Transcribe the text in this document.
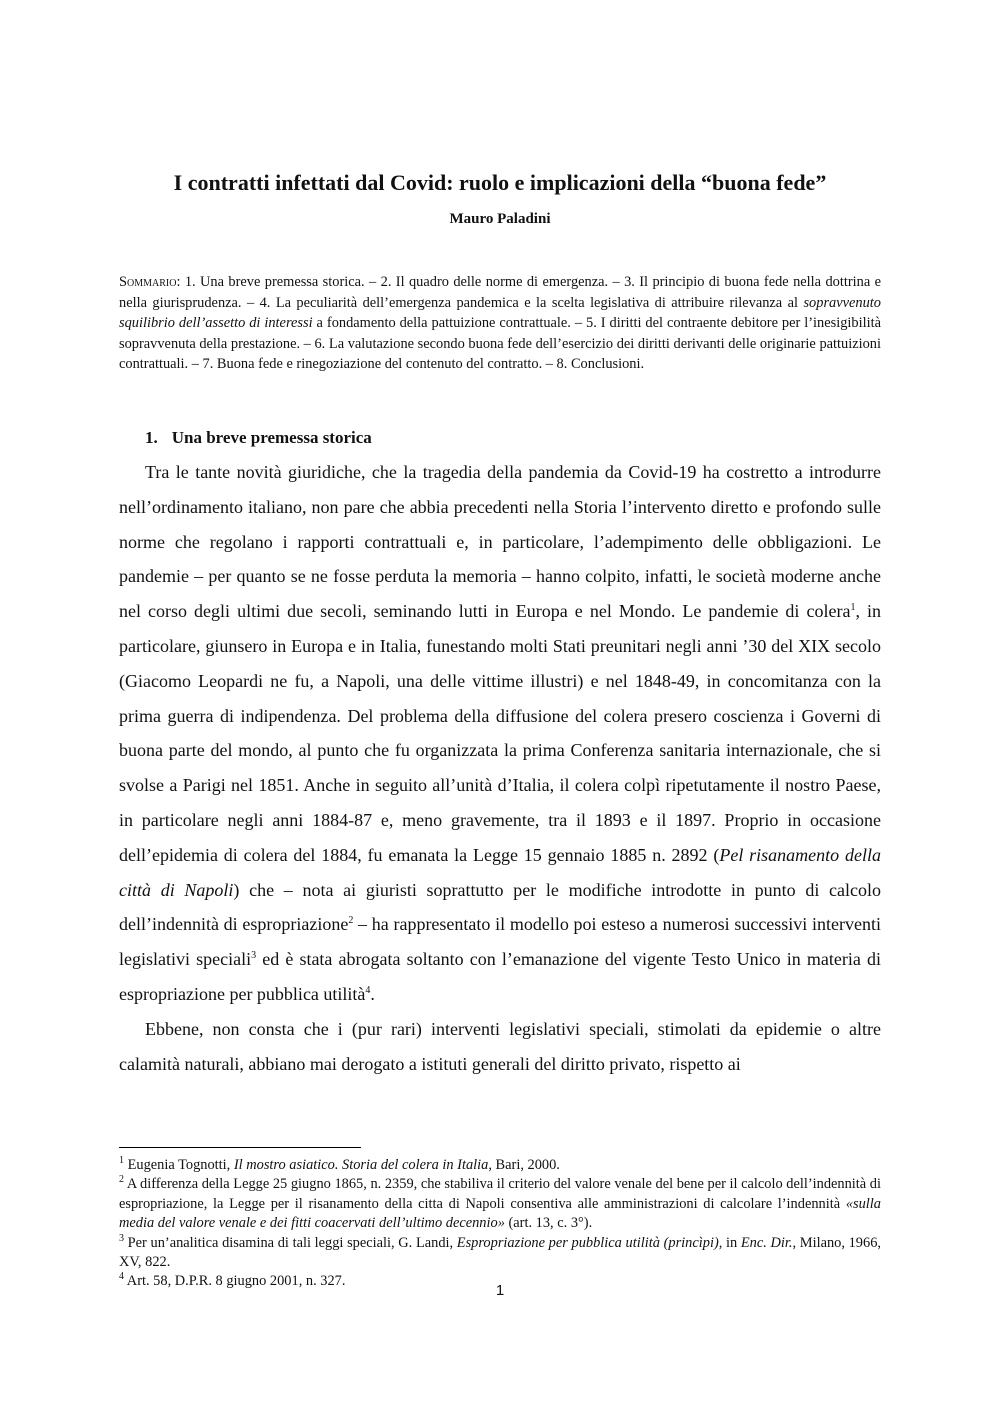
I contratti infettati dal Covid: ruolo e implicazioni della “buona fede”
Mauro Paladini
Sommario: 1. Una breve premessa storica. – 2. Il quadro delle norme di emergenza. – 3. Il principio di buona fede nella dottrina e nella giurisprudenza. – 4. La peculiarità dell’emergenza pandemica e la scelta legislativa di attribuire rilevanza al sopravvenuto squilibrio dell’assetto di interessi a fondamento della pattuizione contrattuale. – 5. I diritti del contraente debitore per l’inesigibilità sopravvenuta della prestazione. – 6. La valutazione secondo buona fede dell’esercizio dei diritti derivanti delle originarie pattuizioni contrattuali. – 7. Buona fede e rinegoziazione del contenuto del contratto. – 8. Conclusioni.
1. Una breve premessa storica

Tra le tante novità giuridiche, che la tragedia della pandemia da Covid-19 ha costretto a introdurre nell’ordinamento italiano, non pare che abbia precedenti nella Storia l’intervento diretto e profondo sulle norme che regolano i rapporti contrattuali e, in particolare, l’adempimento delle obbligazioni. Le pandemie – per quanto se ne fosse perduta la memoria – hanno colpito, infatti, le società moderne anche nel corso degli ultimi due secoli, seminando lutti in Europa e nel Mondo. Le pandemie di colera$^1$, in particolare, giunsero in Europa e in Italia, funestando molti Stati preunitari negli anni ’30 del XIX secolo (Giacomo Leopardi ne fu, a Napoli, una delle vittime illustri) e nel 1848-49, in concomitanza con la prima guerra di indipendenza. Del problema della diffusione del colera presero coscienza i Governi di buona parte del mondo, al punto che fu organizzata la prima Conferenza sanitaria internazionale, che si svolse a Parigi nel 1851. Anche in seguito all’unità d’Italia, il colera colpì ripetutamente il nostro Paese, in particolare negli anni 1884-87 e, meno gravemente, tra il 1893 e il 1897. Proprio in occasione dell’epidemia di colera del 1884, fu emanata la Legge 15 gennaio 1885 n. 2892 (Pel risanamento della città di Napoli) che – nota ai giuristi soprattutto per le modifiche introdotte in punto di calcolo dell’indennità di espropriazione$^2$ – ha rappresentato il modello poi esteso a numerosi successivi interventi legislativi speciali$^3$ ed è stata abrogata soltanto con l’emanazione del vigente Testo Unico in materia di espropriazione per pubblica utilità$^4$.

Ebbene, non consta che i (pur rari) interventi legislativi speciali, stimolati da epidemie o altre calamità naturali, abbiano mai derogato a istituti generali del diritto privato, rispetto ai

$^1$ Eugenia Tognotti, Il mostro asiatico. Storia del colera in Italia, Bari, 2000.

$^2$ A differenza della Legge 25 giugno 1865, n. 2359, che stabiliva il criterio del valore venale del bene per il calcolo dell’indennità di espropriazione, la Legge per il risanamento della citta di Napoli consentiva alle amministrazioni di calcolare l’indennità «sulla media del valore venale e dei fitti coacervati dell’ultimo decennio» (art. 13, c. 3°).

$^3$ Per un’analitica disamina di tali leggi speciali, G. Landi, Espropriazione per pubblica utilità (princìpi), in Enc. Dir., Milano, 1966, XV, 822.

$^4$ Art. 58, D.P.R. 8 giugno 2001, n. 327.

1
